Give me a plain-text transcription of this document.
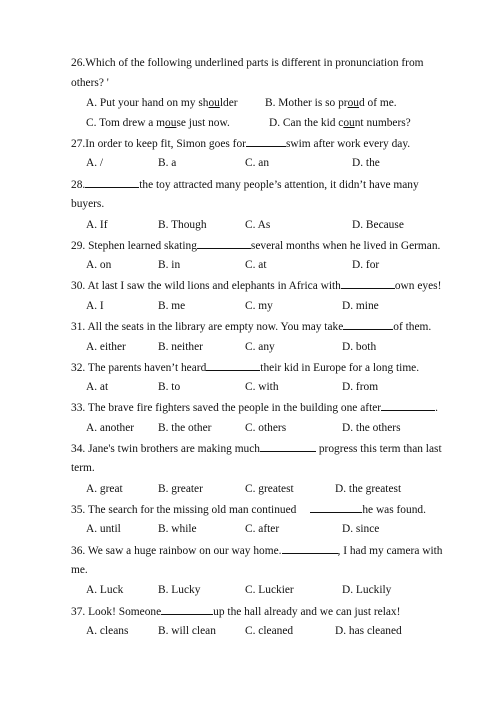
26.Which of the following underlined parts is different in pronunciation from
others? '
A. Put your hand on my shoulder B. Mother is so proud of me.
C. Tom drew a mouse just now.	D. Can the kid count numbers?
27.In order to keep fit, Simon goes for	swim after work every day.
A. /	B. a	C. an	D. the
28.	the toy attracted many people’s attention, it didn’t have many
buyers.
A. If	B. Though	C. As	D. Because
29. Stephen learned skating	several months when he lived in German.
A. on	B. in	C. at	D. for
30. At last I saw the wild lions and elephants in Africa with	own eyes!
A. I	B. me	C. my	D. mine
31. All the seats in the library are empty now. You may take	of them.
A. either	B. neither	C. any	D. both
32. The parents haven’t heard	their kid in Europe for a long time.
A. at	B. to	C. with	D. from
33. The brave fire fighters saved the people in the building one after	.
A. another B. the other	C. others	D. the others
34. Jane's twin brothers are making much	progress this term than last
term.
A. great	B. greater	C. greatest	D. the greatest
35. The search for the missing old man continued	he was found.
A. until	B. while	C. after	D. since
36. We saw a huge rainbow on our way home.	, I had my camera with
me.
A. Luck	B. Lucky	C. Luckier	D. Luckily
37. Look! Someone	up the hall already and we can just relax!
A. cleans	B. will clean	C. cleaned	D. has cleaned
